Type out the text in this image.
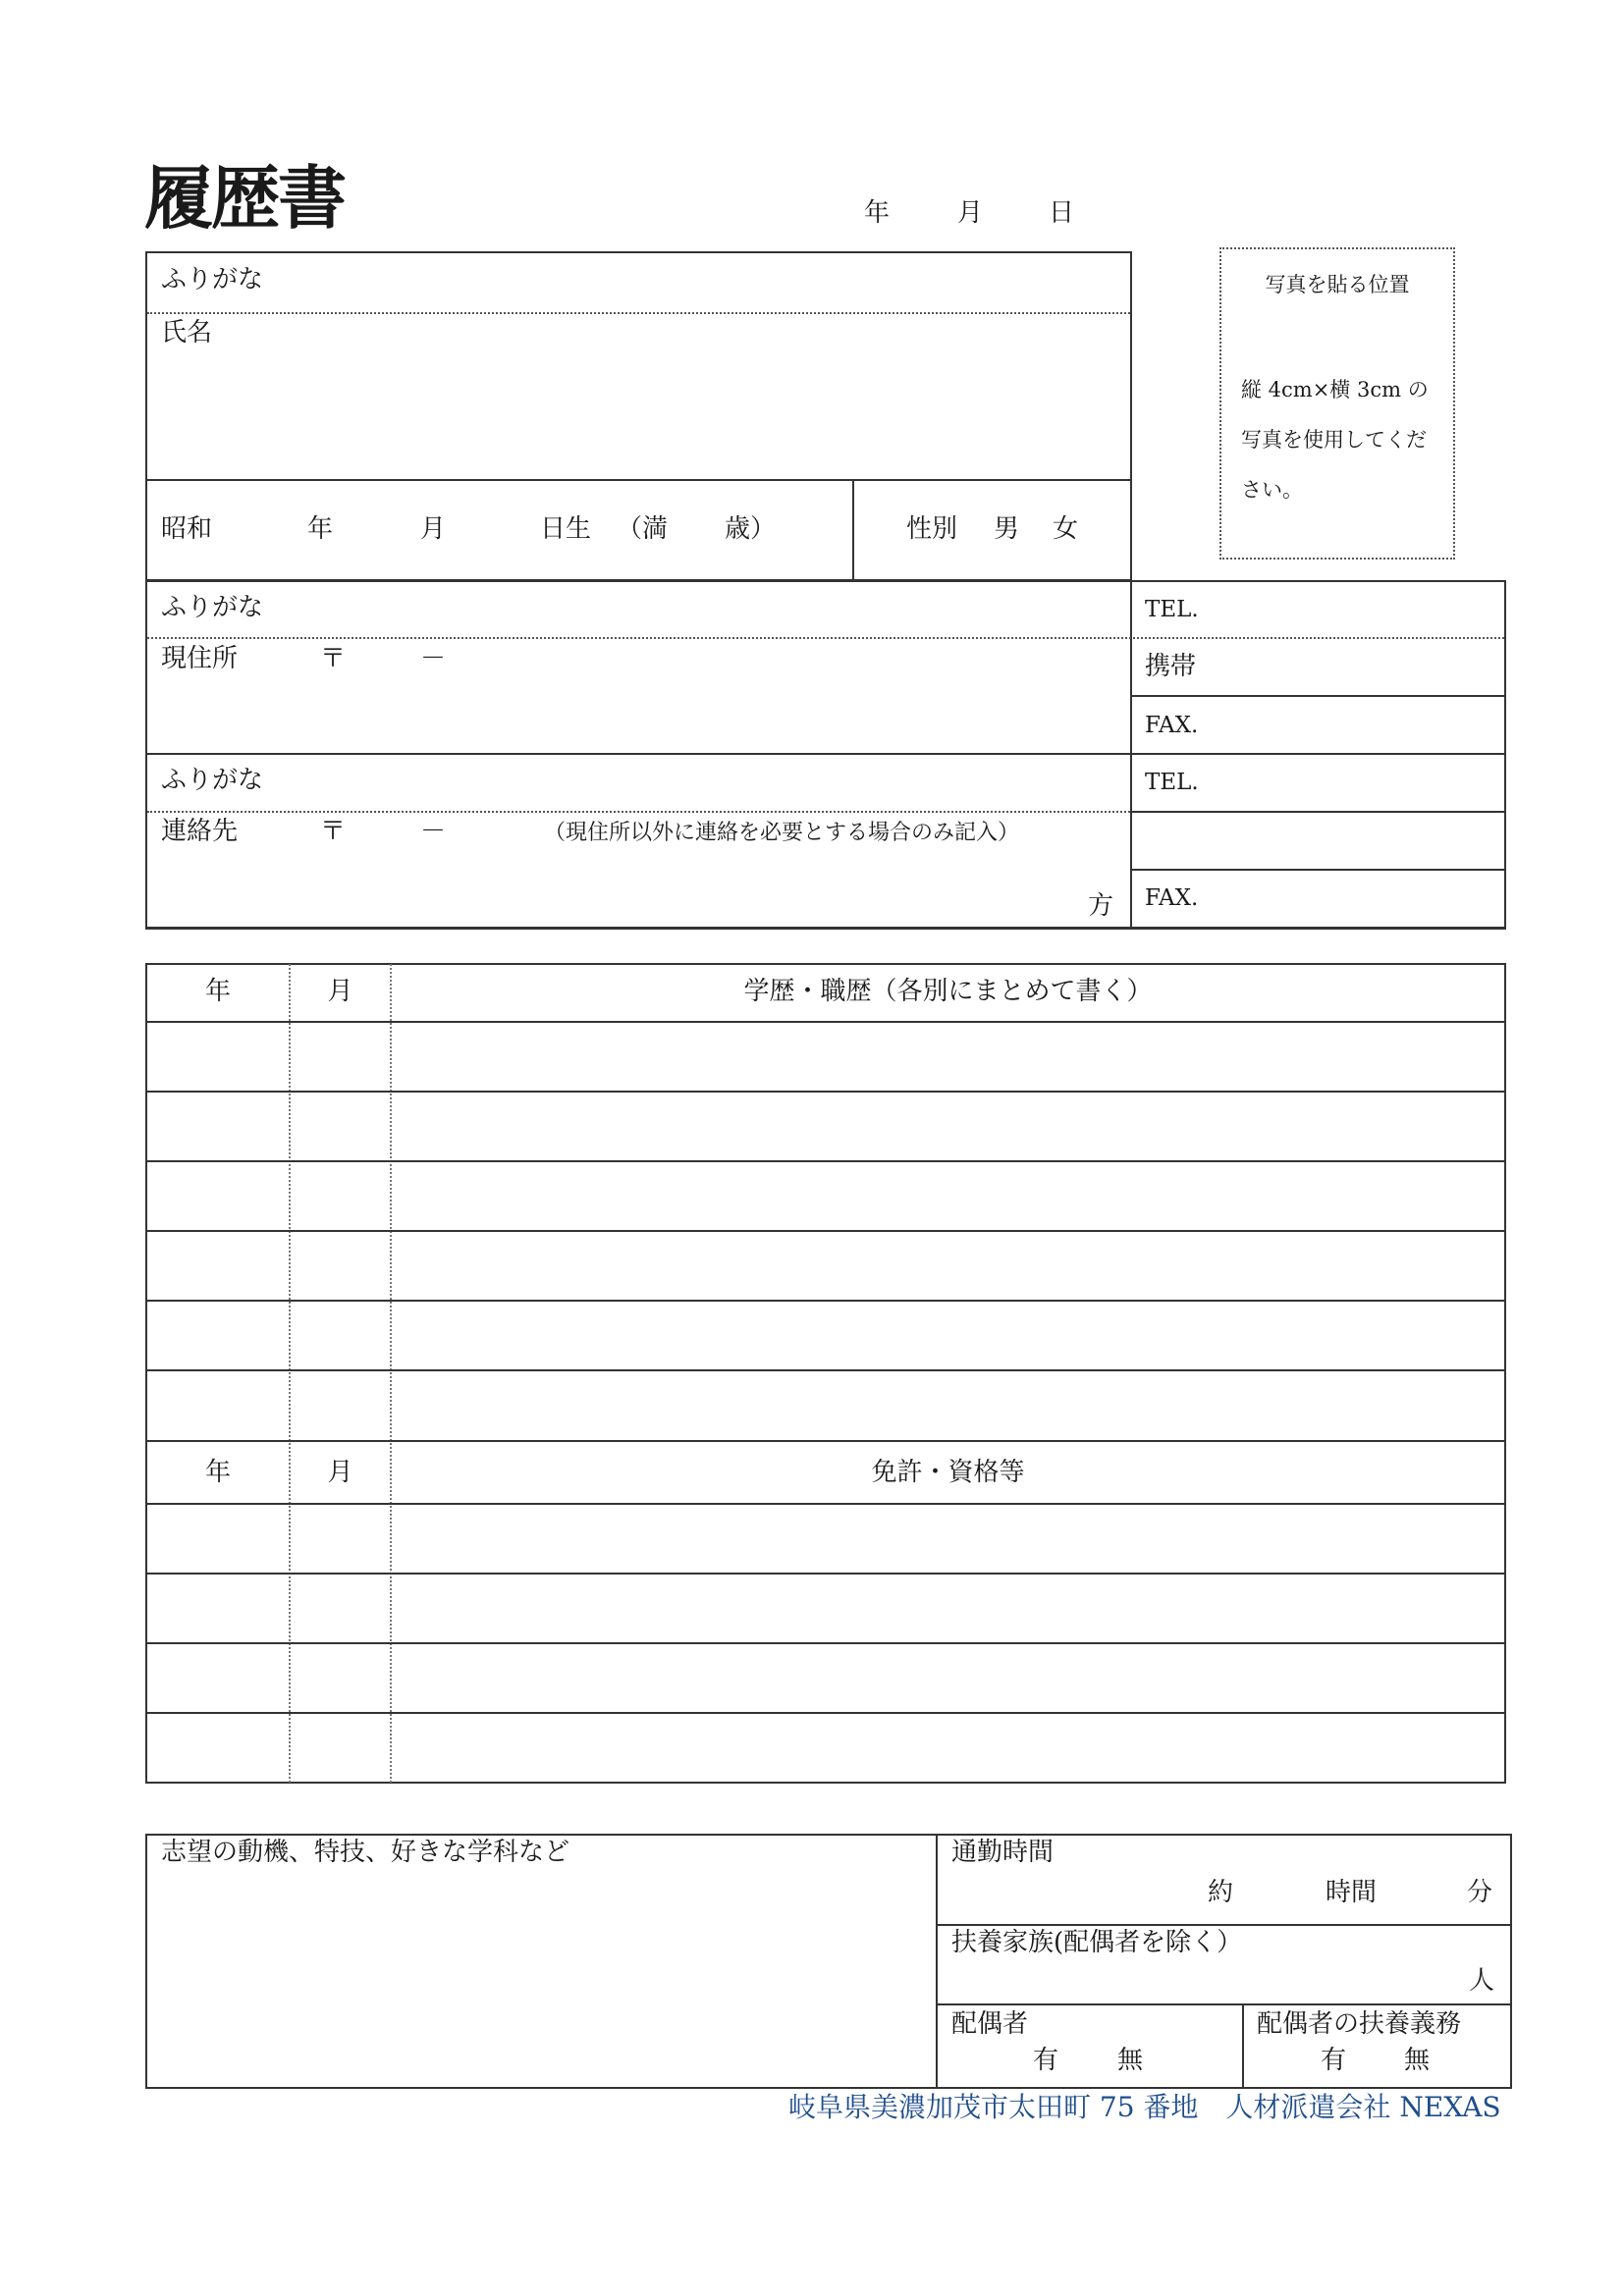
履歴書	年	月	日
ふりがな
氏名
昭和	年	月	日生 （満 歳）	性別 男 女
写真を貼る位置
縦 4cm×横 3cm の写真を使用してください。
ふりがな
現住所	〒	－
TEL.
携帯
FAX.
ふりがな
連絡先	〒	－	（現住所以外に連絡を必要とする場合のみ記入）
方
TEL.
FAX.
年	月	学歴・職歴（各別にまとめて書く）
年	月	免許・資格等
志望の動機、特技、好きな学科など	通勤時間
約	時間	分
扶養家族(配偶者を除く）
人
配偶者
有 無
配偶者の扶養義務
有 無
岐阜県美濃加茂市太田町 75 番地　人材派遣会社 NEXAS
